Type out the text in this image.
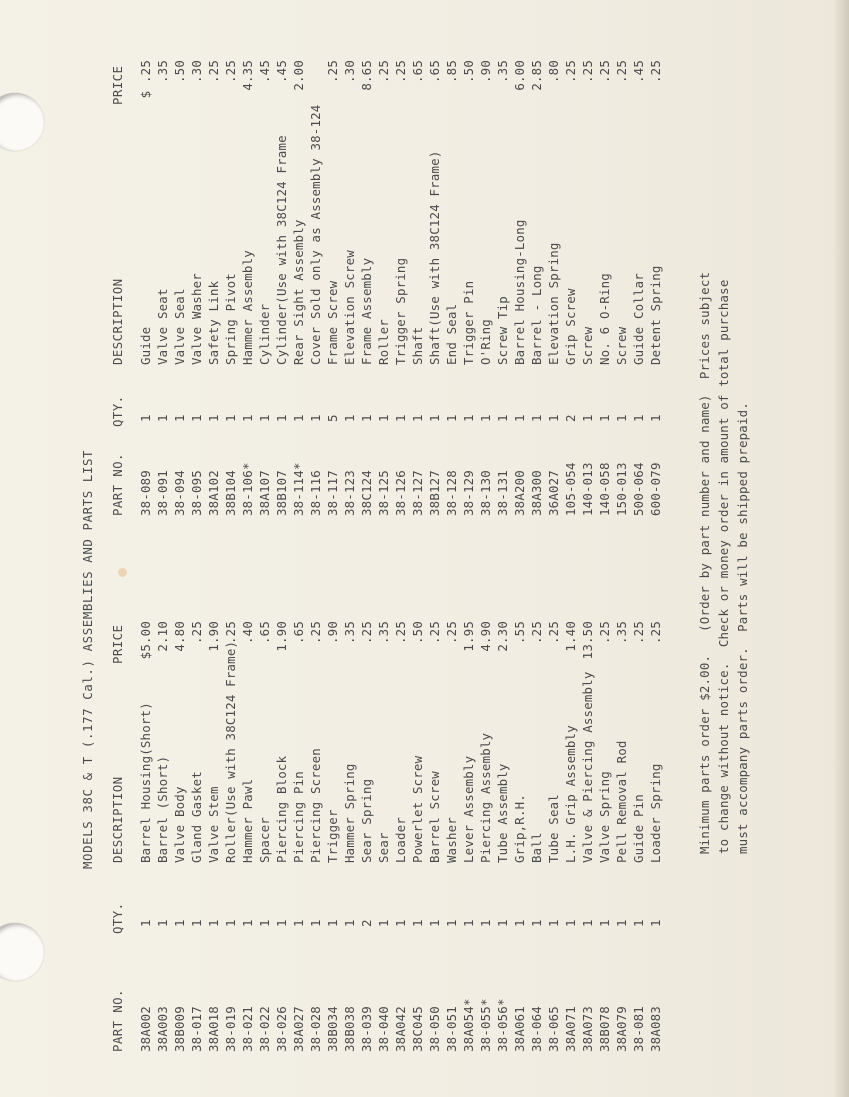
MODELS 38C & T (.177 Cal.) ASSEMBLIES AND PARTS LIST
PART NO.
QTY.
DESCRIPTION
PRICE
PART NO.
QTY.
DESCRIPTION
PRICE
38A002
1
Barrel Housing(Short)
$5.00
38A003
1
Barrel (Short)
2.10
38B009
1
Valve Body
4.80
38-017
1
Gland Gasket
.25
38A018
1
Valve Stem
1.90
38-019
1
Roller(Use with 38C124 Frame)
.25
38-021
1
Hammer Pawl
.40
38-022
1
Spacer
.65
38-026
1
Piercing Block
1.90
38A027
1
Piercing Pin
.65
38-028
1
Piercing Screen
.25
38B034
1
Trigger
.90
38B038
1
Hammer Spring
.35
38-039
2
Sear Spring
.25
38-040
1
Sear
.35
38A042
1
Loader
.25
38C045
1
Powerlet Screw
.50
38-050
1
Barrel Screw
.25
38-051
1
Washer
.25
38A054*
1
Lever Assembly
1.95
38-055*
1
Piercing Assembly
4.90
38-056*
1
Tube Assembly
2.30
38A061
1
Grip,R.H.
.55
38-064
1
Ball
.25
38-065
1
Tube Seal
.25
38A071
1
L.H. Grip Assembly
1.40
38A073
1
Valve & Piercing Assembly
13.50
38B078
1
Valve Spring
.25
38A079
1
Pell Removal Rod
.35
38-081
1
Guide Pin
.25
38A083
1
Loader Spring
.25
38-089
1
Guide
$ .25
38-091
1
Valve Seat
.35
38-094
1
Valve Seal
.50
38-095
1
Valve Washer
.30
38A102
1
Safety Link
.25
38B104
1
Spring Pivot
.25
38-106*
1
Hammer Assembly
4.35
38A107
1
Cylinder
.45
38B107
1
Cylinder(Use with 38C124 Frame
.45
38-114*
1
Rear Sight Assembly
2.00
38-116
1
Cover Sold only as Assembly 38-124
38-117
5
Frame Screw
.25
38-123
1
Elevation Screw
.30
38C124
1
Frame Assembly
8.65
38-125
1
Roller
.25
38-126
1
Trigger Spring
.25
38-127
1
Shaft
.65
38B127
1
Shaft(Use with 38C124 Frame)
.65
38-128
1
End Seal
.85
38-129
1
Trigger Pin
.50
38-130
1
O'Ring
.90
38-131
1
Screw Tip
.35
38A200
1
Barrel Housing-Long
6.00
38A300
1
Barrel - Long
2.85
36A027
1
Elevation Spring
.80
105-054
2
Grip Screw
.25
140-013
1
Screw
.25
140-058
1
No. 6 O-Ring
.25
150-013
1
Screw
.25
500-064
1
Guide Collar
.45
600-079
1
Detent Spring
.25
Minimum parts order $2.00.   (Order by part number and name)  Prices subject to change without notice.  Check or money order in amount of total purchase must accompany parts order.  Parts will be shipped prepaid.
